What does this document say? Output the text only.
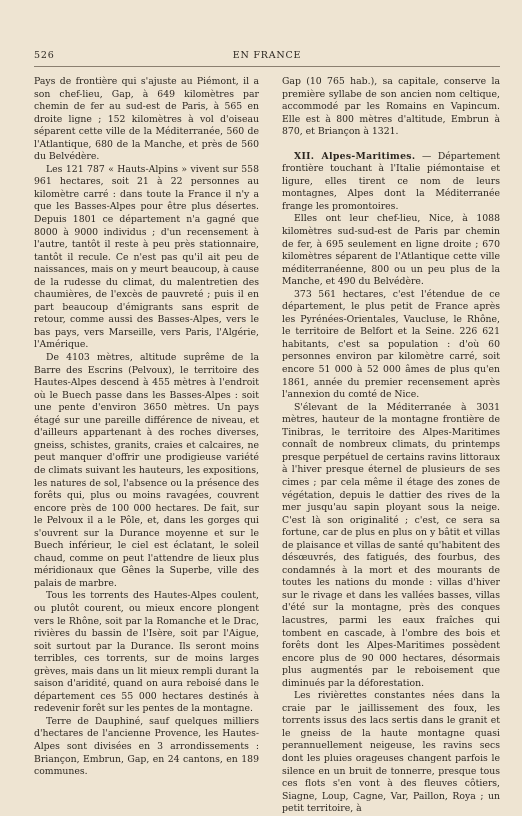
526	EN FRANCE

Pays de frontière qui s'ajuste au Piémont, il a son chef-lieu, Gap, à 649 kilomètres par chemin de fer au sud-est de Paris, à 565 en droite ligne ; 152 kilomètres à vol d'oiseau séparent cette ville de la Méditerranée, 560 de l'Atlantique, 680 de la Manche, et près de 560 du Belvédère.

Les 121 787 « Hauts-Alpins » vivent sur 558 961 hectares, soit 21 à 22 personnes au kilomètre carré : dans toute la France il n'y a que les Basses-Alpes pour être plus désertes. Depuis 1801 ce département n'a gagné que 8000 à 9000 individus ; d'un recensement à l'autre, tantôt il reste à peu près stationnaire, tantôt il recule. Ce n'est pas qu'il ait peu de naissances, mais on y meurt beaucoup, à cause de la rudesse du climat, du malentretien des chaumières, de l'excès de pauvreté ; puis il en part beaucoup d'émigrants sans esprit de retour, comme aussi des Basses-Alpes, vers le bas pays, vers Marseille, vers Paris, l'Algérie, l'Amérique.

De 4103 mètres, altitude suprême de la Barre des Escrins (Pelvoux), le territoire des Hautes-Alpes descend à 455 mètres à l'endroit où le Buech passe dans les Basses-Alpes : soit une pente d'environ 3650 mètres. Un pays étagé sur une pareille différence de niveau, et d'ailleurs appartenant à des roches diverses, gneiss, schistes, granits, craies et calcaires, ne peut manquer d'offrir une prodigieuse variété de climats suivant les hauteurs, les expositions, les natures de sol, l'absence ou la présence des forêts qui, plus ou moins ravagées, couvrent encore près de 100 000 hectares. De fait, sur le Pelvoux il a le Pôle, et, dans les gorges qui s'ouvrent sur la Durance moyenne et sur le Buech inférieur, le ciel est éclatant, le soleil chaud, comme on peut l'attendre de lieux plus méridionaux que Gênes la Superbe, ville des palais de marbre.

Tous les torrents des Hautes-Alpes coulent, ou plutôt courent, ou mieux encore plongent vers le Rhône, soit par la Romanche et le Drac, rivières du bassin de l'Isère, soit par l'Aigue, soit surtout par la Durance. Ils seront moins terribles, ces torrents, sur de moins larges grèves, mais dans un lit mieux rempli durant la saison d'aridité, quand on aura reboisé dans le département ces 55 000 hectares destinés à redevenir forêt sur les pentes de la montagne.

Terre de Dauphiné, sauf quelques milliers d'hectares de l'ancienne Provence, les Hautes-Alpes sont divisées en 3 arrondissements : Briançon, Embrun, Gap, en 24 cantons, en 189 communes.

Gap (10 765 hab.), sa capitale, conserve la première syllabe de son ancien nom celtique, accommodé par les Romains en Vapincum. Elle est à 800 mètres d'altitude, Embrun à 870, et Briançon à 1321.

XII. Alpes-Maritimes. — Département frontière touchant à l'Italie piémontaise et ligure, elles tirent ce nom de leurs montagnes, Alpes dont la Méditerranée frange les promontoires.

Elles ont leur chef-lieu, Nice, à 1088 kilomètres sud-sud-est de Paris par chemin de fer, à 695 seulement en ligne droite ; 670 kilomètres séparent de l'Atlantique cette ville méditerranéenne, 800 ou un peu plus de la Manche, et 490 du Belvédère.

373 561 hectares, c'est l'étendue de ce département, le plus petit de France après les Pyrénées-Orientales, Vaucluse, le Rhône, le territoire de Belfort et la Seine. 226 621 habitants, c'est sa population : d'où 60 personnes environ par kilomètre carré, soit encore 51 000 à 52 000 âmes de plus qu'en 1861, année du premier recensement après l'annexion du comté de Nice.

S'élevant de la Méditerranée à 3031 mètres, hauteur de la montagne frontière de Tinibras, le territoire des Alpes-Maritimes connaît de nombreux climats, du printemps presque perpétuel de certains ravins littoraux à l'hiver presque éternel de plusieurs de ses cimes ; par cela même il étage des zones de végétation, depuis le dattier des rives de la mer jusqu'au sapin ployant sous la neige. C'est là son originalité ; c'est, ce sera sa fortune, car de plus en plus on y bâtit et villas de plaisance et villas de santé qu'habitent des désœuvrés, des fatigués, des fourbus, des condamnés à la mort et des mourants de toutes les nations du monde : villas d'hiver sur le rivage et dans les vallées basses, villas d'été sur la montagne, près des conques lacustres, parmi les eaux fraîches qui tombent en cascade, à l'ombre des bois et forêts dont les Alpes-Maritimes possèdent encore plus de 90 000 hectares, désormais plus augmentés par le reboisement que diminués par la déforestation.

Les rivièrettes constantes nées dans la craie par le jaillissement des foux, les torrents issus des lacs sertis dans le granit et le gneiss de la haute montagne quasi perannuellement neigeuse, les ravins secs dont les pluies orageuses changent parfois le silence en un bruit de tonnerre, presque tous ces flots s'en vont à des fleuves côtiers, Siagne, Loup, Cagne, Var, Paillon, Roya ; un petit territoire, à
